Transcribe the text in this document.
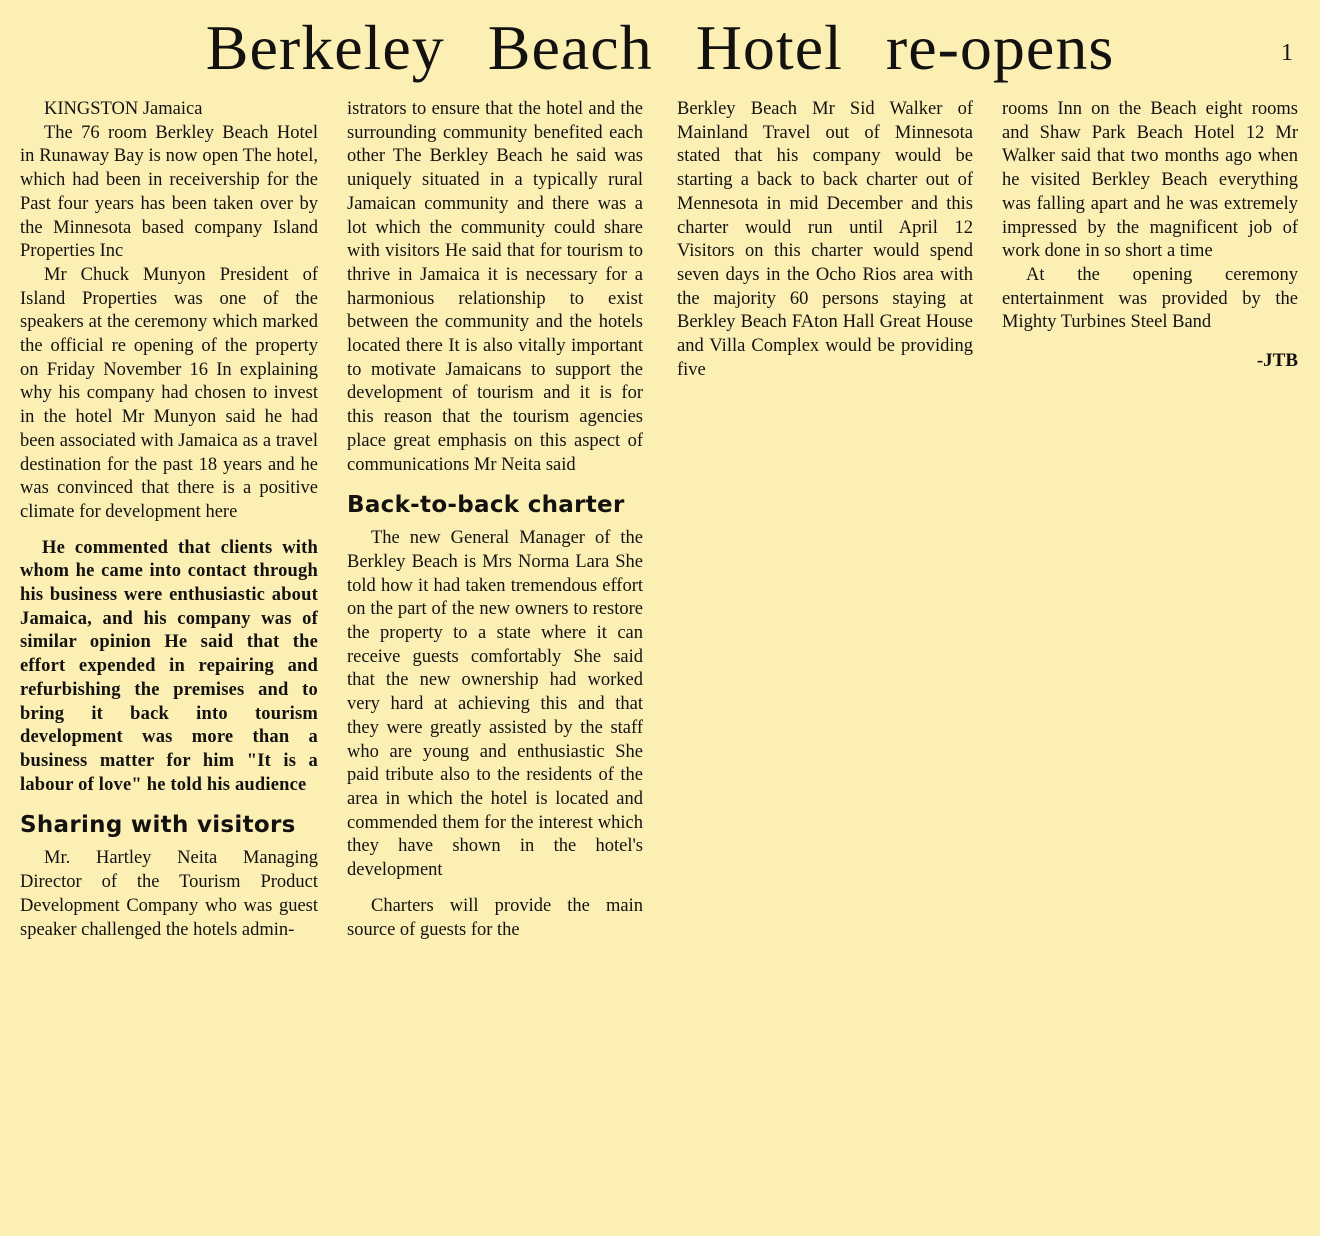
Berkeley Beach Hotel re-opens	1

KINGSTON Jamaica

The 76 room Berkley Beach Hotel in Runaway Bay is now open The hotel, which had been in receivership for the Past four years has been taken over by the Minnesota based company Island Properties Inc

Mr Chuck Munyon President of Island Properties was one of the speakers at the ceremony which marked the official re opening of the property on Friday November 16 In explaining why his company had chosen to invest in the hotel Mr Munyon said he had been associated with Jamaica as a travel destination for the past 18 years and he was convinced that there is a positive climate for development here

He commented that clients with whom he came into contact through his business were enthusiastic about Jamaica, and his company was of similar opinion He said that the effort expended in repairing and refurbishing the premises and to bring it back into tourism development was more than a business matter for him "It is a labour of love" he told his audience

Sharing with visitors

Mr. Hartley Neita Managing Director of the Tourism Product Development Company who was guest speaker challenged the hotels admin-

istrators to ensure that the hotel and the surrounding community benefited each other The Berkley Beach he said was uniquely situated in a typically rural Jamaican community and there was a lot which the community could share with visitors He said that for tourism to thrive in Jamaica it is necessary for a harmonious relationship to exist between the community and the hotels located there It is also vitally important to motivate Jamaicans to support the development of tourism and it is for this reason that the tourism agencies place great emphasis on this aspect of communications Mr Neita said

Back-to-back charter

The new General Manager of the Berkley Beach is Mrs Norma Lara She told how it had taken tremendous effort on the part of the new owners to restore the property to a state where it can receive guests comfortably She said that the new ownership had worked very hard at achieving this and that they were greatly assisted by the staff who are young and enthusiastic She paid tribute also to the residents of the area in which the hotel is located and commended them for the interest which they have shown in the hotel's development

Charters will provide the main source of guests for the

Berkley Beach Mr Sid Walker of Mainland Travel out of Minnesota stated that his company would be starting a back to back charter out of Mennesota in mid December and this charter would run until April 12 Visitors on this charter would spend seven days in the Ocho Rios area with the majority 60 persons staying at Berkley Beach FAton Hall Great House and Villa Complex would be providing five

rooms Inn on the Beach eight rooms and Shaw Park Beach Hotel 12 Mr Walker said that two months ago when he visited Berkley Beach everything was falling apart and he was extremely impressed by the magnificent job of work done in so short a time

At the opening ceremony entertainment was provided by the Mighty Turbines Steel Band

-JTB
